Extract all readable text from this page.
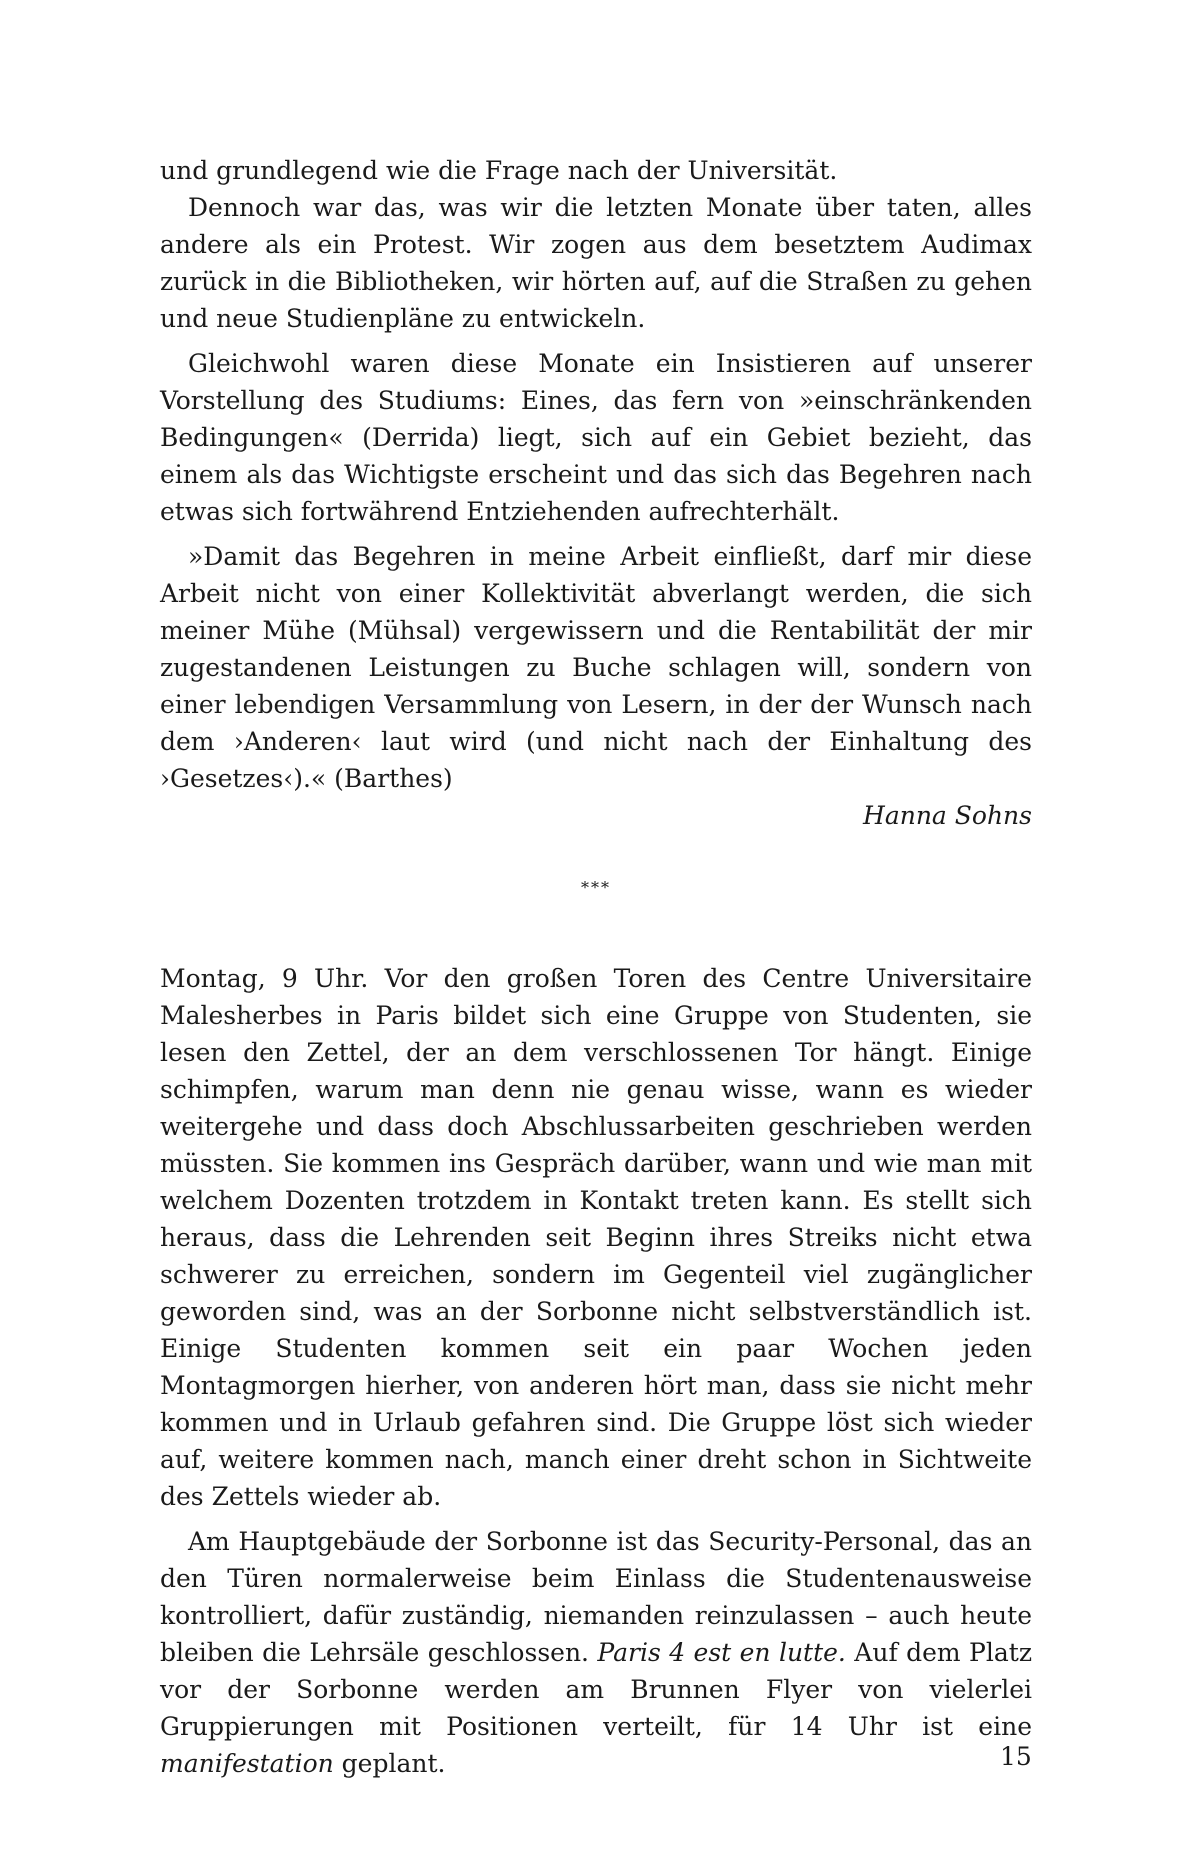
und grundlegend wie die Frage nach der Universität.

Dennoch war das, was wir die letzten Monate über taten, alles andere als ein Protest. Wir zogen aus dem besetztem Audimax zurück in die Bibliotheken, wir hörten auf, auf die Straßen zu gehen und neue Studienpläne zu entwickeln.

Gleichwohl waren diese Monate ein Insistieren auf unserer Vorstellung des Studiums: Eines, das fern von »einschränkenden Bedingungen« (Derrida) liegt, sich auf ein Gebiet bezieht, das einem als das Wichtigste erscheint und das sich das Begehren nach etwas sich fortwährend Entziehenden aufrechterhält.

»Damit das Begehren in meine Arbeit einfließt, darf mir diese Arbeit nicht von einer Kollektivität abverlangt werden, die sich meiner Mühe (Mühsal) vergewissern und die Rentabilität der mir zugestandenen Leistungen zu Buche schlagen will, sondern von einer lebendigen Versammlung von Lesern, in der der Wunsch nach dem ›Anderen‹ laut wird (und nicht nach der Einhaltung des ›Gesetzes‹).« (Barthes)

Hanna Sohns

***

Montag, 9 Uhr. Vor den großen Toren des Centre Universitaire Malesherbes in Paris bildet sich eine Gruppe von Studenten, sie lesen den Zettel, der an dem verschlossenen Tor hängt. Einige schimpfen, warum man denn nie genau wisse, wann es wieder weitergehe und dass doch Abschlussarbeiten geschrieben werden müssten. Sie kommen ins Gespräch darüber, wann und wie man mit welchem Dozenten trotzdem in Kontakt treten kann. Es stellt sich heraus, dass die Lehrenden seit Beginn ihres Streiks nicht etwa schwerer zu erreichen, sondern im Gegenteil viel zugänglicher geworden sind, was an der Sorbonne nicht selbstverständlich ist. Einige Studenten kommen seit ein paar Wochen jeden Montagmorgen hierher, von anderen hört man, dass sie nicht mehr kommen und in Urlaub gefahren sind. Die Gruppe löst sich wieder auf, weitere kommen nach, manch einer dreht schon in Sichtweite des Zettels wieder ab.

Am Hauptgebäude der Sorbonne ist das Security-Personal, das an den Türen normalerweise beim Einlass die Studentenausweise kontrolliert, dafür zuständig, niemanden reinzulassen – auch heute bleiben die Lehrsäle geschlossen. Paris 4 est en lutte. Auf dem Platz vor der Sorbonne werden am Brunnen Flyer von vielerlei Gruppierungen mit Positionen verteilt, für 14 Uhr ist eine manifestation geplant.	15
